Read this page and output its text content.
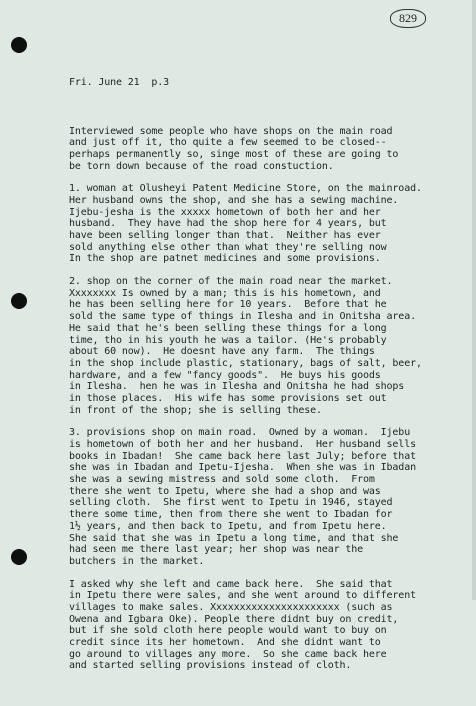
829

Fri. June 21  p.3

Interviewed some people who have shops on the main road
and just off it, tho quite a few seemed to be closed--
perhaps permanently so, singe most of these are going to
be torn down because of the road constuction.
1. woman at Olusheyi Patent Medicine Store, on the mainroad.
Her husband owns the shop, and she has a sewing machine.
Ijebu-jesha is the xxxxx hometown of both her and her
husband.  They have had the shop here for 4 years, but
have been selling longer than that.  Neither has ever
sold anything else other than what they're selling now
In the shop are patnet medicines and some provisions.
2. shop on the corner of the main road near the market.
Xxxxxxxx Is owned by a man; this is his hometown, and
he has been selling here for 10 years.  Before that he
sold the same type of things in Ilesha and in Onitsha area.
He said that he's been selling these things for a long
time, tho in his youth he was a tailor. (He's probably
about 60 now).  He doesnt have any farm.  The things
in the shop include plastic, stationary, bags of salt, beer,
hardware, and a few "fancy goods".  He buys his goods
in Ilesha.  hen he was in Ilesha and Onitsha he had shops
in those places.  His wife has some provisions set out
in front of the shop; she is selling these.
3. provisions shop on main road.  Owned by a woman.  Ijebu
is hometown of both her and her husband.  Her husband sells
books in Ibadan!  She came back here last July; before that
she was in Ibadan and Ipetu-Ijesha.  When she was in Ibadan
she was a sewing mistress and sold some cloth.  From
there she went to Ipetu, where she had a shop and was
selling cloth.  She first went to Ipetu in 1946, stayed
there some time, then from there she went to Ibadan for
1½ years, and then back to Ipetu, and from Ipetu here.
She said that she was in Ipetu a long time, and that she
had seen me there last year; her shop was near the
butchers in the market.
I asked why she left and came back here.  She said that
in Ipetu there were sales, and she went around to different
villages to make sales. Xxxxxxxxxxxxxxxxxxxxxx (such as
Owena and Igbara Oke). People there didnt buy on credit,
but if she sold cloth here people would want to buy on
credit since its her hometown.  And she didnt want to
go around to villages any more.  So she came back here
and started selling provisions instead of cloth.
